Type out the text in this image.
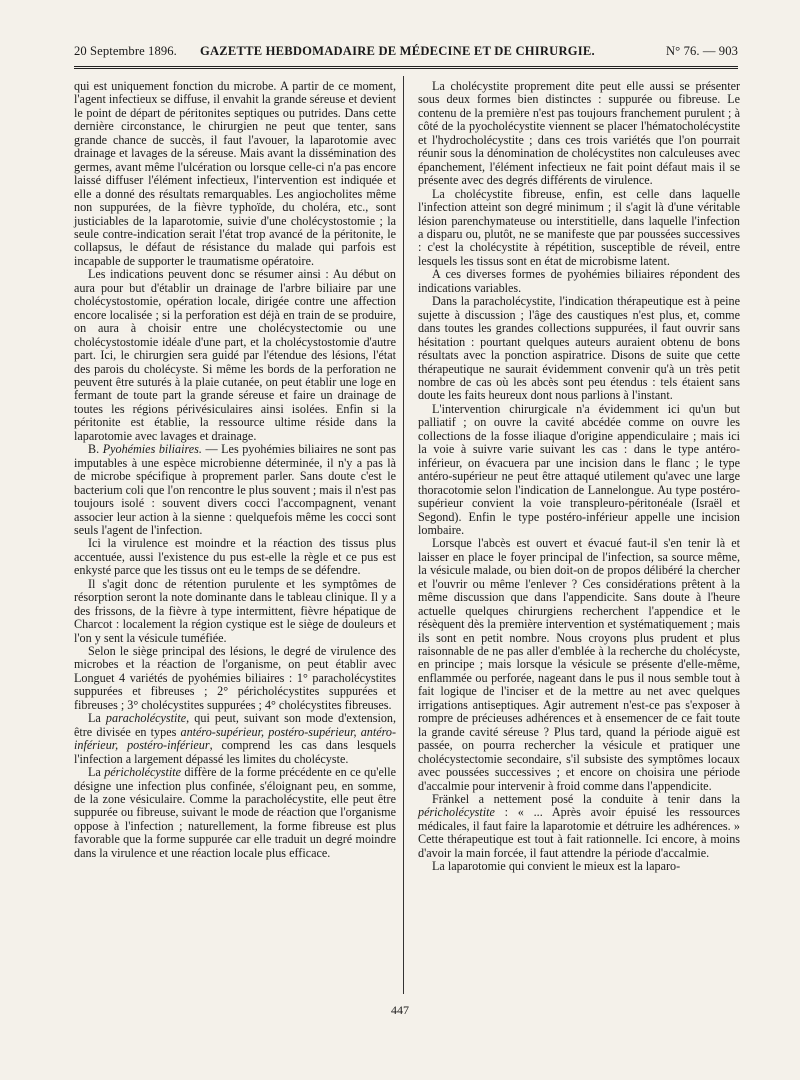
20 Septembre 1896. GAZETTE HEBDOMADAIRE DE MÉDECINE ET DE CHIRURGIE.	N° 76. — 903

qui est uniquement fonction du microbe. A partir de ce moment, l'agent infectieux se diffuse, il envahit la grande séreuse et devient le point de départ de péritonites septiques ou putrides. Dans cette dernière circonstance, le chirurgien ne peut que tenter, sans grande chance de succès, il faut l'avouer, la laparotomie avec drainage et lavages de la séreuse. Mais avant la dissémination des germes, avant même l'ulcération ou lorsque celle-ci n'a pas encore laissé diffuser l'élément infectieux, l'intervention est indiquée et elle a donné des résultats remarquables. Les angiocholites même non suppurées, de la fièvre typhoïde, du choléra, etc., sont justiciables de la laparotomie, suivie d'une cholécystostomie ; la seule contre-indication serait l'état trop avancé de la péritonite, le collapsus, le défaut de résistance du malade qui parfois est incapable de supporter le traumatisme opératoire.

Les indications peuvent donc se résumer ainsi : Au début on aura pour but d'établir un drainage de l'arbre biliaire par une cholécystostomie, opération locale, dirigée contre une affection encore localisée ; si la perforation est déjà en train de se produire, on aura à choisir entre une cholécystectomie ou une cholécystostomie idéale d'une part, et la cholécystostomie d'autre part. Ici, le chirurgien sera guidé par l'étendue des lésions, l'état des parois du cholécyste. Si même les bords de la perforation ne peuvent être suturés à la plaie cutanée, on peut établir une loge en fermant de toute part la grande séreuse et faire un drainage de toutes les régions périvésiculaires ainsi isolées. Enfin si la péritonite est établie, la ressource ultime réside dans la laparotomie avec lavages et drainage.

B. Pyohémies biliaires. — Les pyohémies biliaires ne sont pas imputables à une espèce microbienne déterminée, il n'y a pas là de microbe spécifique à proprement parler. Sans doute c'est le bacterium coli que l'on rencontre le plus souvent ; mais il n'est pas toujours isolé : souvent divers cocci l'accompagnent, venant associer leur action à la sienne : quelquefois même les cocci sont seuls l'agent de l'infection.

Ici la virulence est moindre et la réaction des tissus plus accentuée, aussi l'existence du pus est-elle la règle et ce pus est enkysté parce que les tissus ont eu le temps de se défendre.

Il s'agit donc de rétention purulente et les symptômes de résorption seront la note dominante dans le tableau clinique. Il y a des frissons, de la fièvre à type intermittent, fièvre hépatique de Charcot : localement la région cystique est le siège de douleurs et l'on y sent la vésicule tuméfiée.

Selon le siège principal des lésions, le degré de virulence des microbes et la réaction de l'organisme, on peut établir avec Longuet 4 variétés de pyohémies biliaires : 1° paracholécystites suppurées et fibreuses ; 2° péricholécystites suppurées et fibreuses ; 3° cholécystites suppurées ; 4° cholécystites fibreuses.

La paracholécystite, qui peut, suivant son mode d'extension, être divisée en types antéro-supérieur, postéro-supérieur, antéro-inférieur, postéro-inférieur, comprend les cas dans lesquels l'infection a largement dépassé les limites du cholécyste.

La péricholécystite diffère de la forme précédente en ce qu'elle désigne une infection plus confinée, s'éloignant peu, en somme, de la zone vésiculaire. Comme la paracholécystite, elle peut être suppurée ou fibreuse, suivant le mode de réaction que l'organisme oppose à l'infection ; naturellement, la forme fibreuse est plus favorable que la forme suppurée car elle traduit un degré moindre dans la virulence et une réaction locale plus efficace.

La cholécystite proprement dite peut elle aussi se présenter sous deux formes bien distinctes : suppurée ou fibreuse. Le contenu de la première n'est pas toujours franchement purulent ; à côté de la pyocholécystite viennent se placer l'hématocholécystite et l'hydrocholécystite ; dans ces trois variétés que l'on pourrait réunir sous la dénomination de cholécystites non calculeuses avec épanchement, l'élément infectieux ne fait point défaut mais il se présente avec des degrés différents de virulence.

La cholécystite fibreuse, enfin, est celle dans laquelle l'infection atteint son degré minimum ; il s'agit là d'une véritable lésion parenchymateuse ou interstitielle, dans laquelle l'infection a disparu ou, plutôt, ne se manifeste que par poussées successives : c'est la cholécystite à répétition, susceptible de réveil, entre lesquels les tissus sont en état de microbisme latent.

A ces diverses formes de pyohémies biliaires répondent des indications variables.

Dans la paracholécystite, l'indication thérapeutique est à peine sujette à discussion ; l'âge des caustiques n'est plus, et, comme dans toutes les grandes collections suppurées, il faut ouvrir sans hésitation : pourtant quelques auteurs auraient obtenu de bons résultats avec la ponction aspiratrice. Disons de suite que cette thérapeutique ne saurait évidemment convenir qu'à un très petit nombre de cas où les abcès sont peu étendus : tels étaient sans doute les faits heureux dont nous parlions à l'instant.

L'intervention chirurgicale n'a évidemment ici qu'un but palliatif ; on ouvre la cavité abcédée comme on ouvre les collections de la fosse iliaque d'origine appendiculaire ; mais ici la voie à suivre varie suivant les cas : dans le type antéro-inférieur, on évacuera par une incision dans le flanc ; le type antéro-supérieur ne peut être attaqué utilement qu'avec une large thoracotomie selon l'indication de Lannelongue. Au type postéro-supérieur convient la voie transpleuro-péritonéale (Israël et Segond). Enfin le type postéro-inférieur appelle une incision lombaire.

Lorsque l'abcès est ouvert et évacué faut-il s'en tenir là et laisser en place le foyer principal de l'infection, sa source même, la vésicule malade, ou bien doit-on de propos délibéré la chercher et l'ouvrir ou même l'enlever ? Ces considérations prêtent à la même discussion que dans l'appendicite. Sans doute à l'heure actuelle quelques chirurgiens recherchent l'appendice et le résèquent dès la première intervention et systématiquement ; mais ils sont en petit nombre. Nous croyons plus prudent et plus raisonnable de ne pas aller d'emblée à la recherche du cholécyste, en principe ; mais lorsque la vésicule se présente d'elle-même, enflammée ou perforée, nageant dans le pus il nous semble tout à fait logique de l'inciser et de la mettre au net avec quelques irrigations antiseptiques. Agir autrement n'est-ce pas s'exposer à rompre de précieuses adhérences et à ensemencer de ce fait toute la grande cavité séreuse ? Plus tard, quand la période aiguë est passée, on pourra rechercher la vésicule et pratiquer une cholécystectomie secondaire, s'il subsiste des symptômes locaux avec poussées successives ; et encore on choisira une période d'accalmie pour intervenir à froid comme dans l'appendicite.

Fränkel a nettement posé la conduite à tenir dans la péricholécystite : « ... Après avoir épuisé les ressources médicales, il faut faire la laparotomie et détruire les adhérences. » Cette thérapeutique est tout à fait rationnelle. Ici encore, à moins d'avoir la main forcée, il faut attendre la période d'accalmie.

La laparotomie qui convient le mieux est la laparo-

447
